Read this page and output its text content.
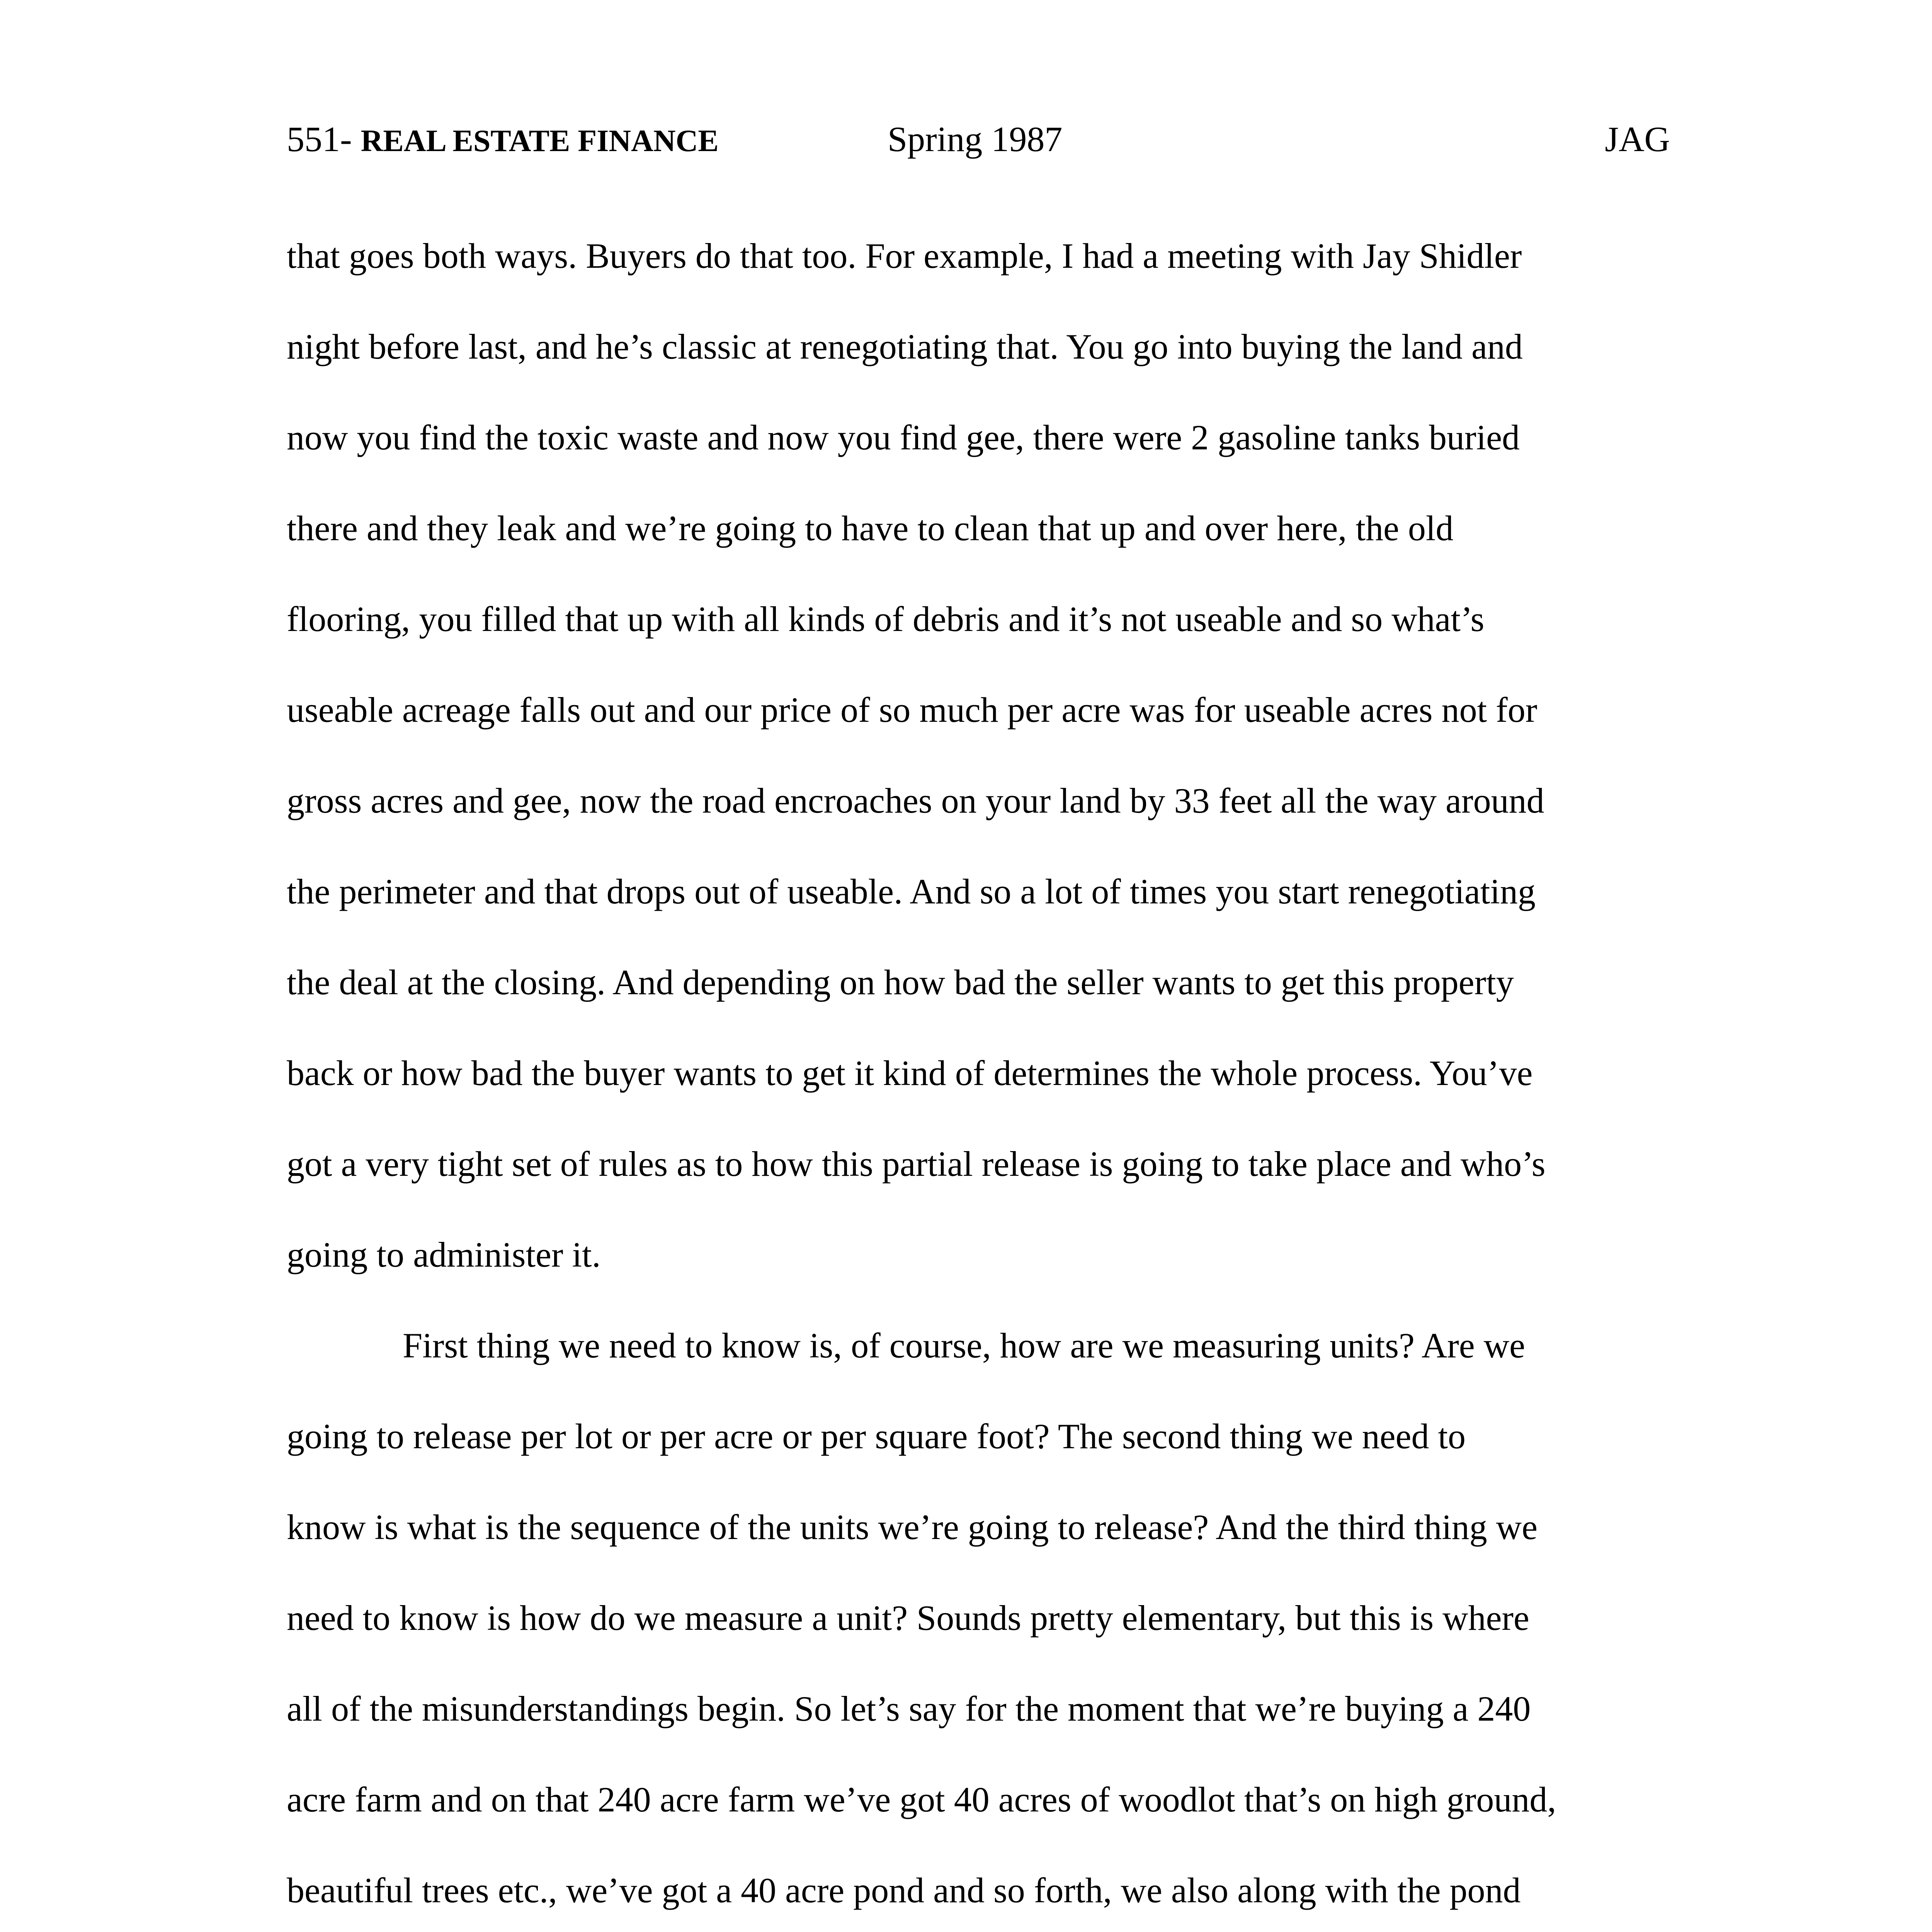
551- REAL ESTATE FINANCE	Spring 1987	JAG
that goes both ways. Buyers do that too. For example, I had a meeting with Jay Shidler
night before last, and he’s classic at renegotiating that. You go into buying the land and
now you find the toxic waste and now you find gee, there were 2 gasoline tanks buried
there and they leak and we’re going to have to clean that up and over here, the old
flooring, you filled that up with all kinds of debris and it’s not useable and so what’s
useable acreage falls out and our price of so much per acre was for useable acres not for
gross acres and gee, now the road encroaches on your land by 33 feet all the way around
the perimeter and that drops out of useable. And so a lot of times you start renegotiating
the deal at the closing. And depending on how bad the seller wants to get this property
back or how bad the buyer wants to get it kind of determines the whole process. You’ve
got a very tight set of rules as to how this partial release is going to take place and who’s
going to administer it.
First thing we need to know is, of course, how are we measuring units? Are we
going to release per lot or per acre or per square foot? The second thing we need to
know is what is the sequence of the units we’re going to release? And the third thing we
need to know is how do we measure a unit? Sounds pretty elementary, but this is where
all of the misunderstandings begin. So let’s say for the moment that we’re buying a 240
acre farm and on that 240 acre farm we’ve got 40 acres of woodlot that’s on high ground,
beautiful trees etc., we’ve got a 40 acre pond and so forth, we also along with the pond
